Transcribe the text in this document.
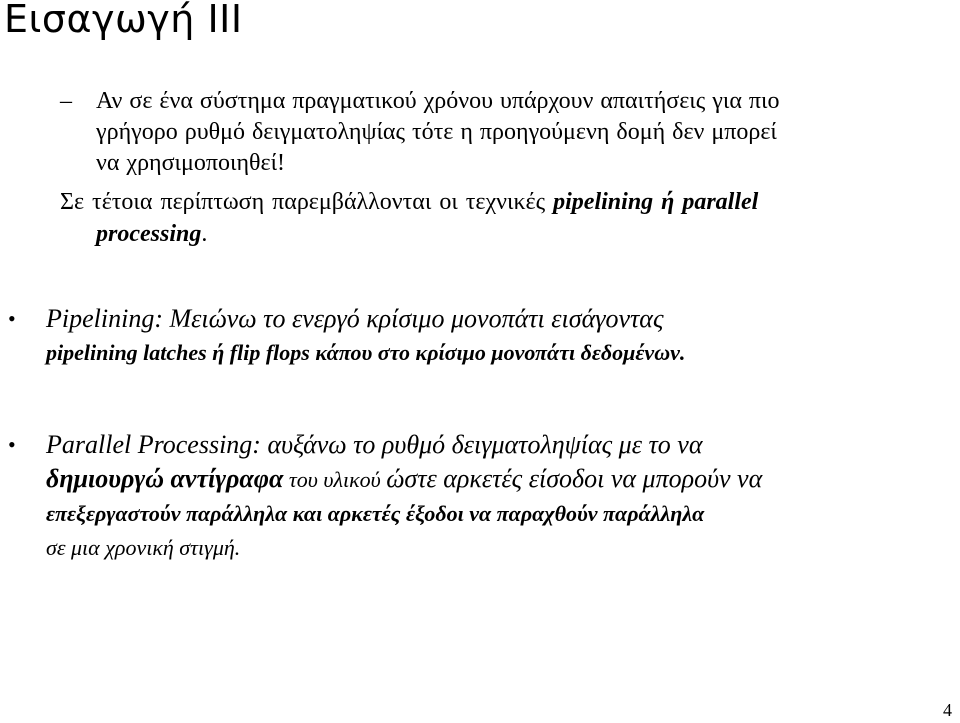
Εισαγωγή ΙΙΙ
– Αν σε ένα σύστημα πραγματικού χρόνου υπάρχουν απαιτήσεις για πιο
γρήγορο ρυθμό δειγματοληψίας τότε η προηγούμενη δομή δεν μπορεί
να χρησιμοποιηθεί!
Σε τέτοια περίπτωση παρεμβάλλονται οι τεχνικές pipelining ή parallel
processing.
• Pipelining: Μειώνω το ενεργό κρίσιμο μονοπάτι εισάγοντας
pipelining latches ή flip flops κάπου στο κρίσιμο μονοπάτι δεδομένων.
• Parallel Processing: αυξάνω το ρυθμό δειγματοληψίας με το να
δημιουργώ αντίγραφα του υλικού ώστε αρκετές είσοδοι να μπορούν να
επεξεργαστούν παράλληλα και αρκετές έξοδοι να παραχθούν παράλληλα
σε μια χρονική στιγμή.
4
